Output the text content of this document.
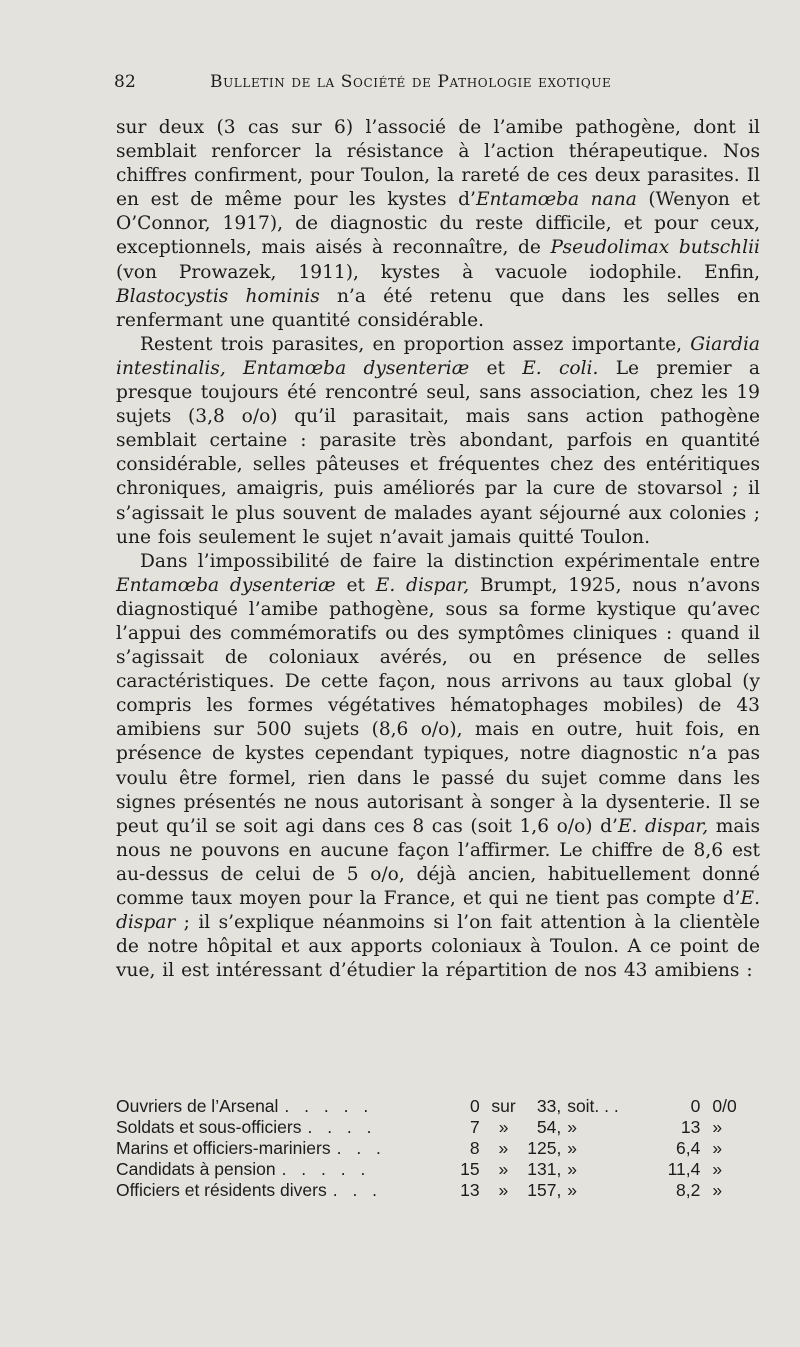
82	Bulletin de la Société de Pathologie exotique

sur deux (3 cas sur 6) l’associé de l’amibe pathogène, dont il semblait renforcer la résistance à l’action thérapeutique. Nos chiffres confirment, pour Toulon, la rareté de ces deux parasites. Il en est de même pour les kystes d’Entamœba nana (Wenyon et O’Connor, 1917), de diagnostic du reste difficile, et pour ceux, exceptionnels, mais aisés à reconnaître, de Pseudolimax butschlii (von Prowazek, 1911), kystes à vacuole iodophile. Enfin, Blastocystis hominis n’a été retenu que dans les selles en renfermant une quantité considérable.

Restent trois parasites, en proportion assez importante, Giardia intestinalis, Entamœba dysenteriæ et E. coli. Le premier a presque toujours été rencontré seul, sans association, chez les 19 sujets (3,8 o/o) qu’il parasitait, mais sans action pathogène semblait certaine : parasite très abondant, parfois en quantité considérable, selles pâteuses et fréquentes chez des entéritiques chroniques, amaigris, puis améliorés par la cure de stovarsol ; il s’agissait le plus souvent de malades ayant séjourné aux colonies ; une fois seulement le sujet n’avait jamais quitté Toulon.

Dans l’impossibilité de faire la distinction expérimentale entre Entamœba dysenteriæ et E. dispar, Brumpt, 1925, nous n’avons diagnostiqué l’amibe pathogène, sous sa forme kystique qu’avec l’appui des commémoratifs ou des symptômes cliniques : quand il s’agissait de coloniaux avérés, ou en présence de selles caractéristiques. De cette façon, nous arrivons au taux global (y compris les formes végétatives hématophages mobiles) de 43 amibiens sur 500 sujets (8,6 o/o), mais en outre, huit fois, en présence de kystes cependant typiques, notre diagnostic n’a pas voulu être formel, rien dans le passé du sujet comme dans les signes présentés ne nous autorisant à songer à la dysenterie. Il se peut qu’il se soit agi dans ces 8 cas (soit 1,6 o/o) d’E. dispar, mais nous ne pouvons en aucune façon l’affirmer. Le chiffre de 8,6 est au-dessus de celui de 5 o/o, déjà ancien, habituellement donné comme taux moyen pour la France, et qui ne tient pas compte d’E. dispar ; il s’explique néanmoins si l’on fait attention à la clientèle de notre hôpital et aux apports coloniaux à Toulon. A ce point de vue, il est intéressant d’étudier la répartition de nos 43 amibiens :

Ouvriers de l’Arsenal . . . . .	0 sur	33, soit. . .	0 0/0
Soldats et sous-officiers . . . .	7	»	54, »	13 »
Marins et officiers-mariniers . . .	8	»	125, »	6,4 »
Candidats à pension . . . . .	15	»	131, »	11,4 »
Officiers et résidents divers . . .	13	»	157, »	8,2 »
